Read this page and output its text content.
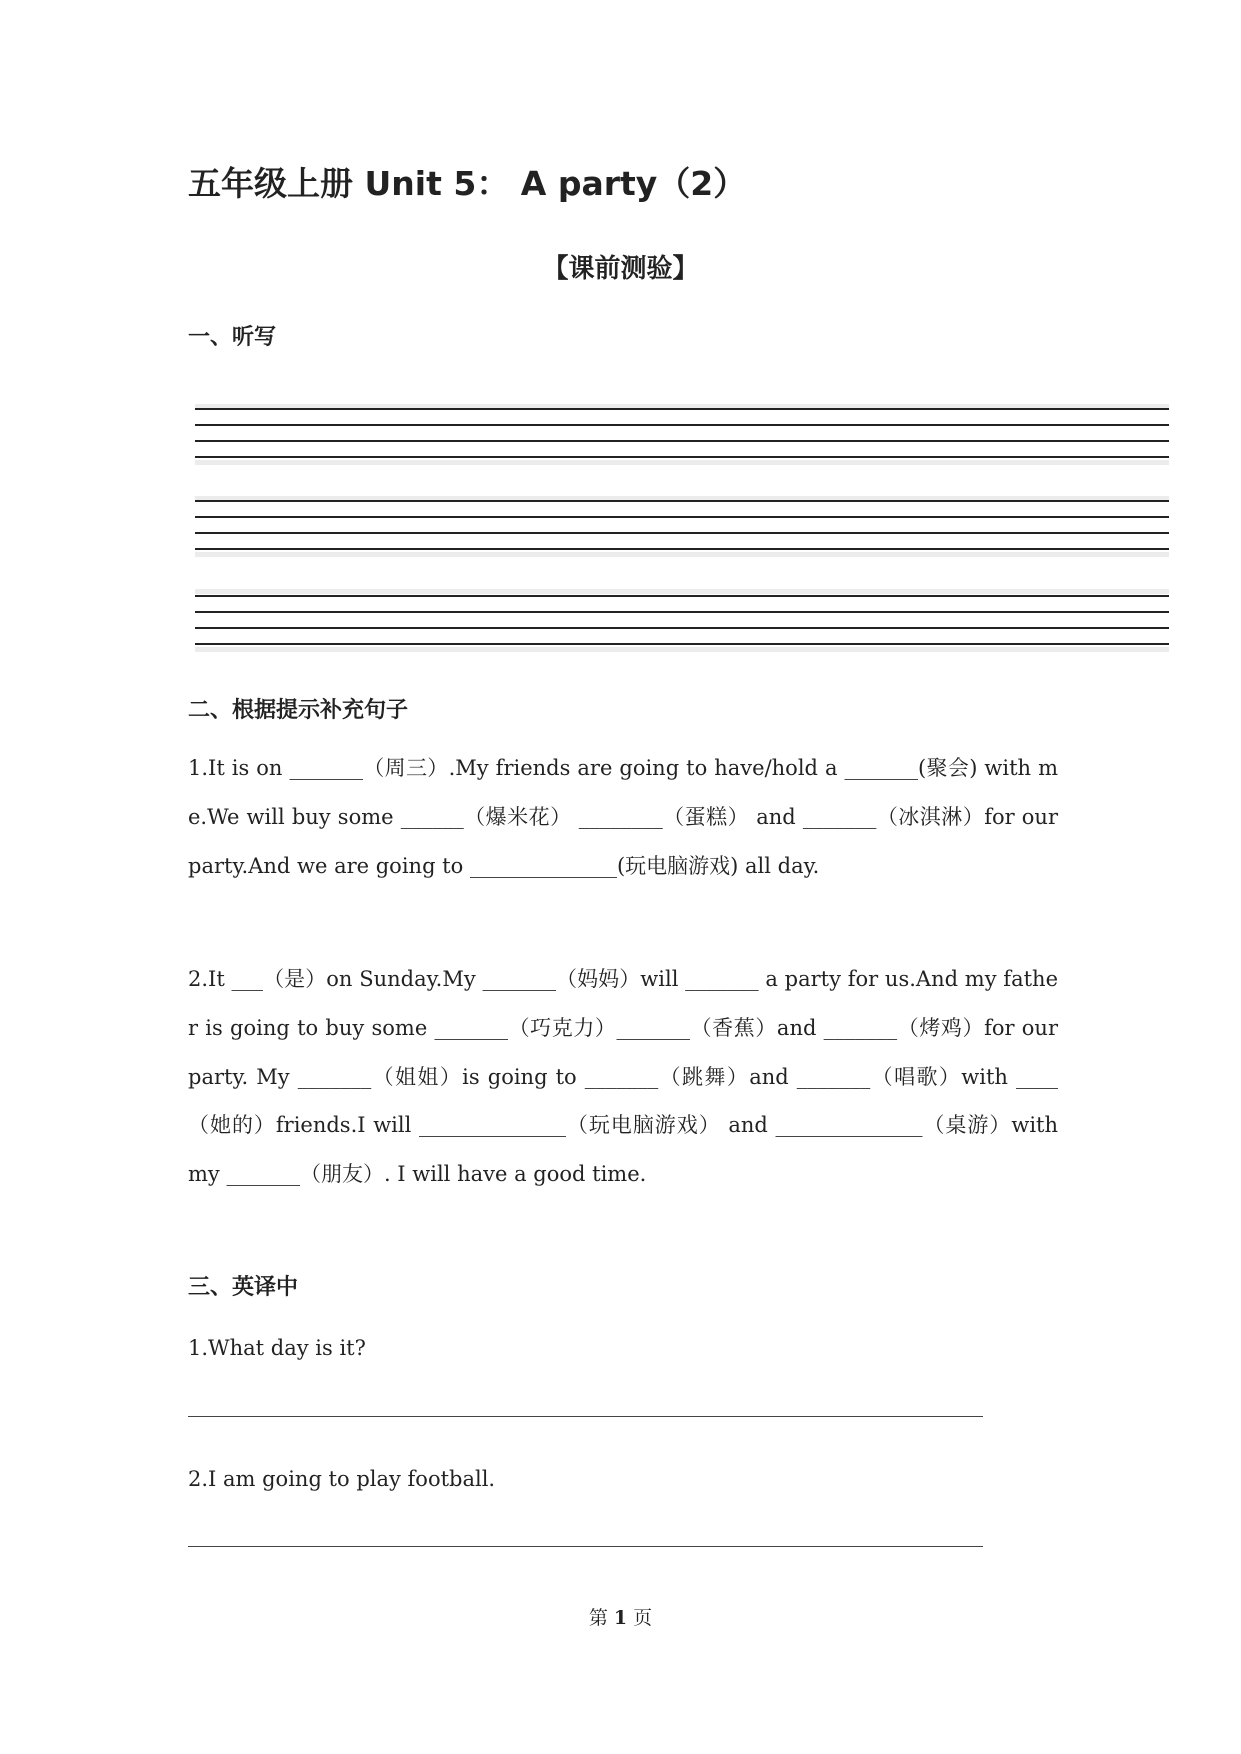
五年级上册 Unit 5： A party（2）
【课前测验】
一、听写
二、根据提示补充句子
1.It is on _______（周三）.My friends are going to have/hold a _______(聚会) with me.We will buy some ______（爆米花） ________（蛋糕） and _______（冰淇淋）for our party.And we are going to ______________(玩电脑游戏) all day.
2.It ___（是）on Sunday.My _______（妈妈）will _______ a party for us.And my father is going to buy some _______（巧克力）_______（香蕉）and _______（烤鸡）for our party. My _______（姐姐）is going to _______（跳舞）and _______（唱歌）with ____（她的）friends.I will ______________（玩电脑游戏） and ______________（桌游）with my _______（朋友）. I will have a good time.
三、英译中
1.What day is it?
2.I am going to play football.
第 1 页
